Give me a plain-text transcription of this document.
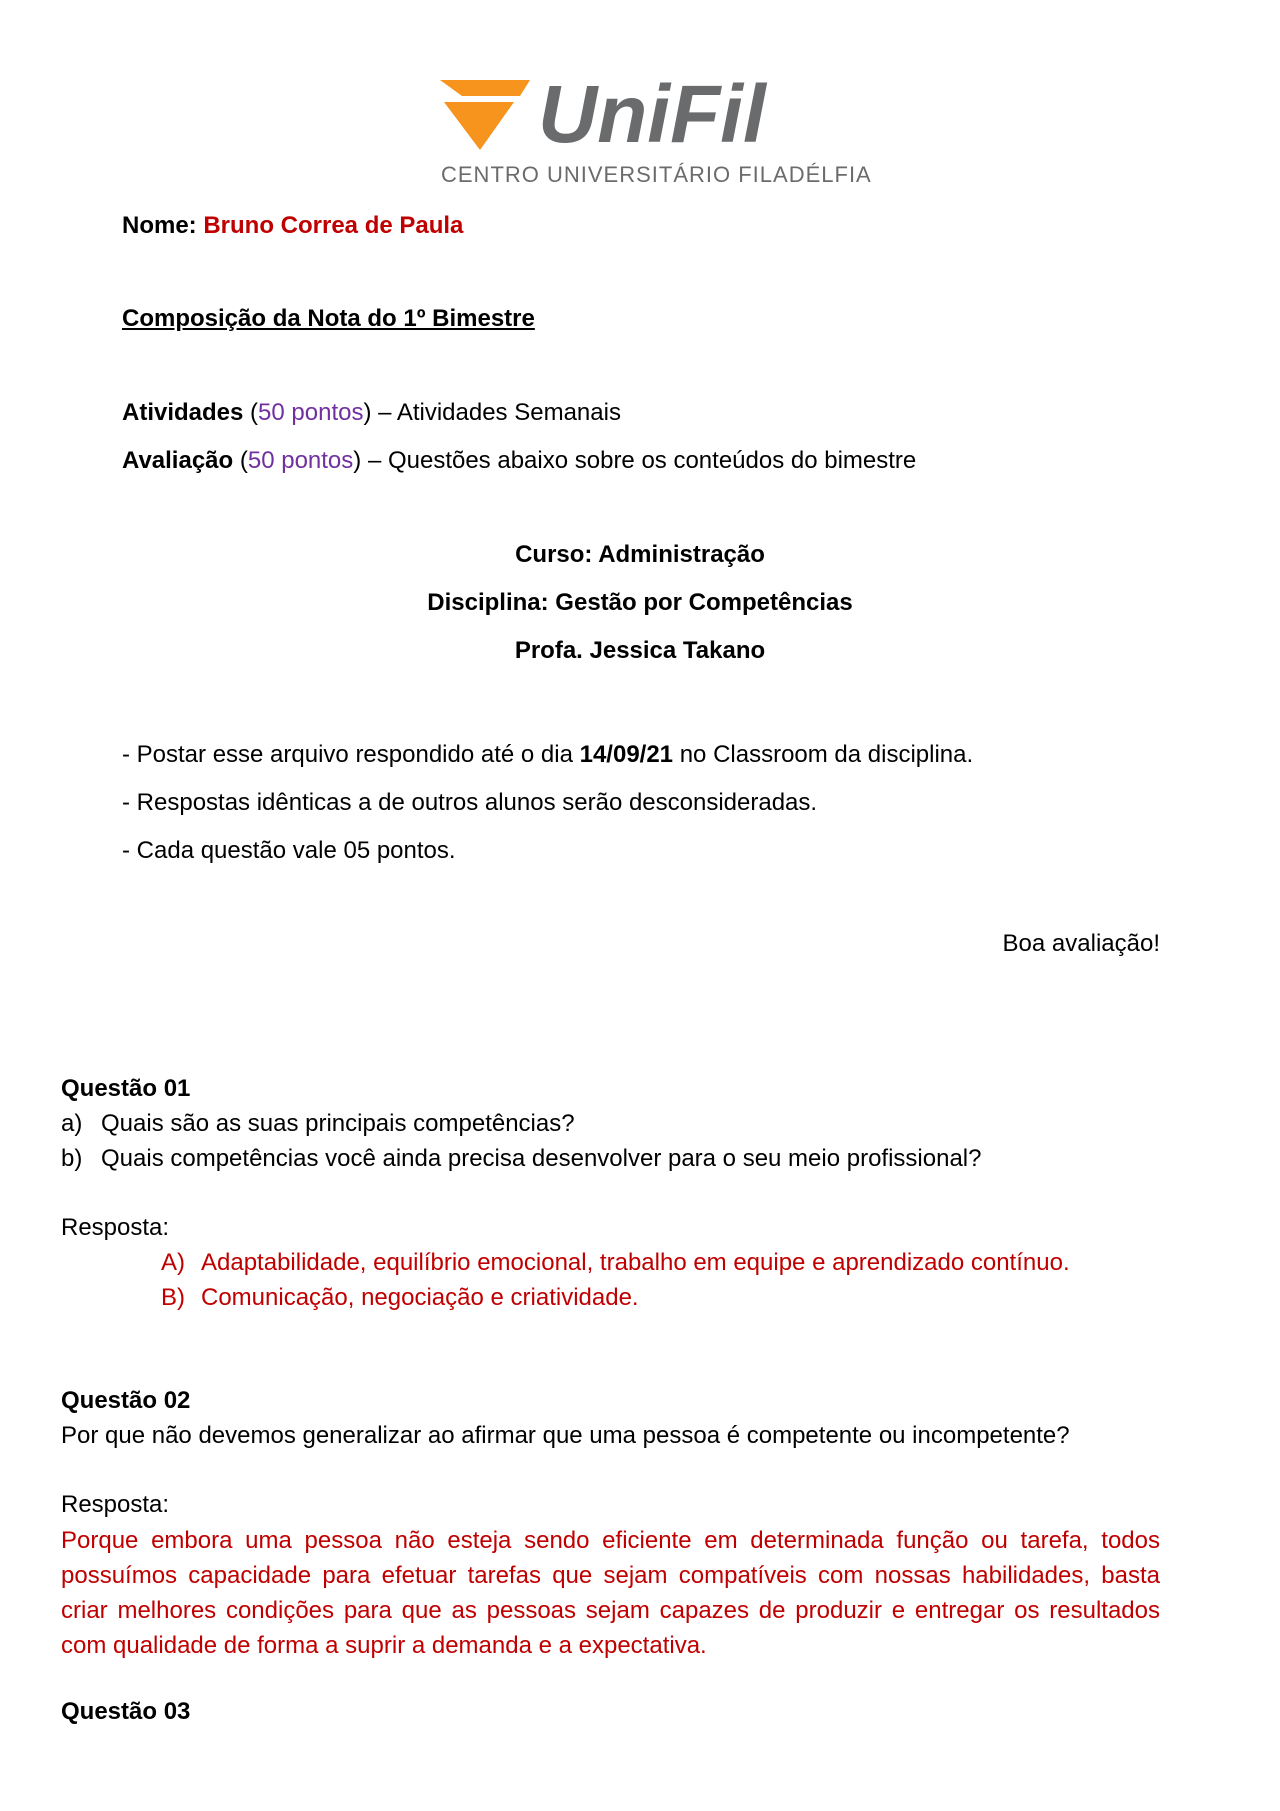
UniFil
CENTRO UNIVERSITÁRIO FILADÉLFIA
Nome: Bruno Correa de Paula
Composição da Nota do 1º Bimestre
Atividades (50 pontos) – Atividades Semanais
Avaliação (50 pontos) – Questões abaixo sobre os conteúdos do bimestre
Curso: Administração
Disciplina: Gestão por Competências
Profa. Jessica Takano
- Postar esse arquivo respondido até o dia 14/09/21 no Classroom da disciplina.
- Respostas idênticas a de outros alunos serão desconsideradas.
- Cada questão vale 05 pontos.
Boa avaliação!
Questão 01
a) Quais são as suas principais competências?
b) Quais competências você ainda precisa desenvolver para o seu meio profissional?
Resposta:
A) Adaptabilidade, equilíbrio emocional, trabalho em equipe e aprendizado contínuo.
B) Comunicação, negociação e criatividade.
Questão 02
Por que não devemos generalizar ao afirmar que uma pessoa é competente ou incompetente?
Resposta:
Porque embora uma pessoa não esteja sendo eficiente em determinada função ou tarefa, todos possuímos capacidade para efetuar tarefas que sejam compatíveis com nossas habilidades, basta criar melhores condições para que as pessoas sejam capazes de produzir e entregar os resultados com qualidade de forma a suprir a demanda e a expectativa.
Questão 03
